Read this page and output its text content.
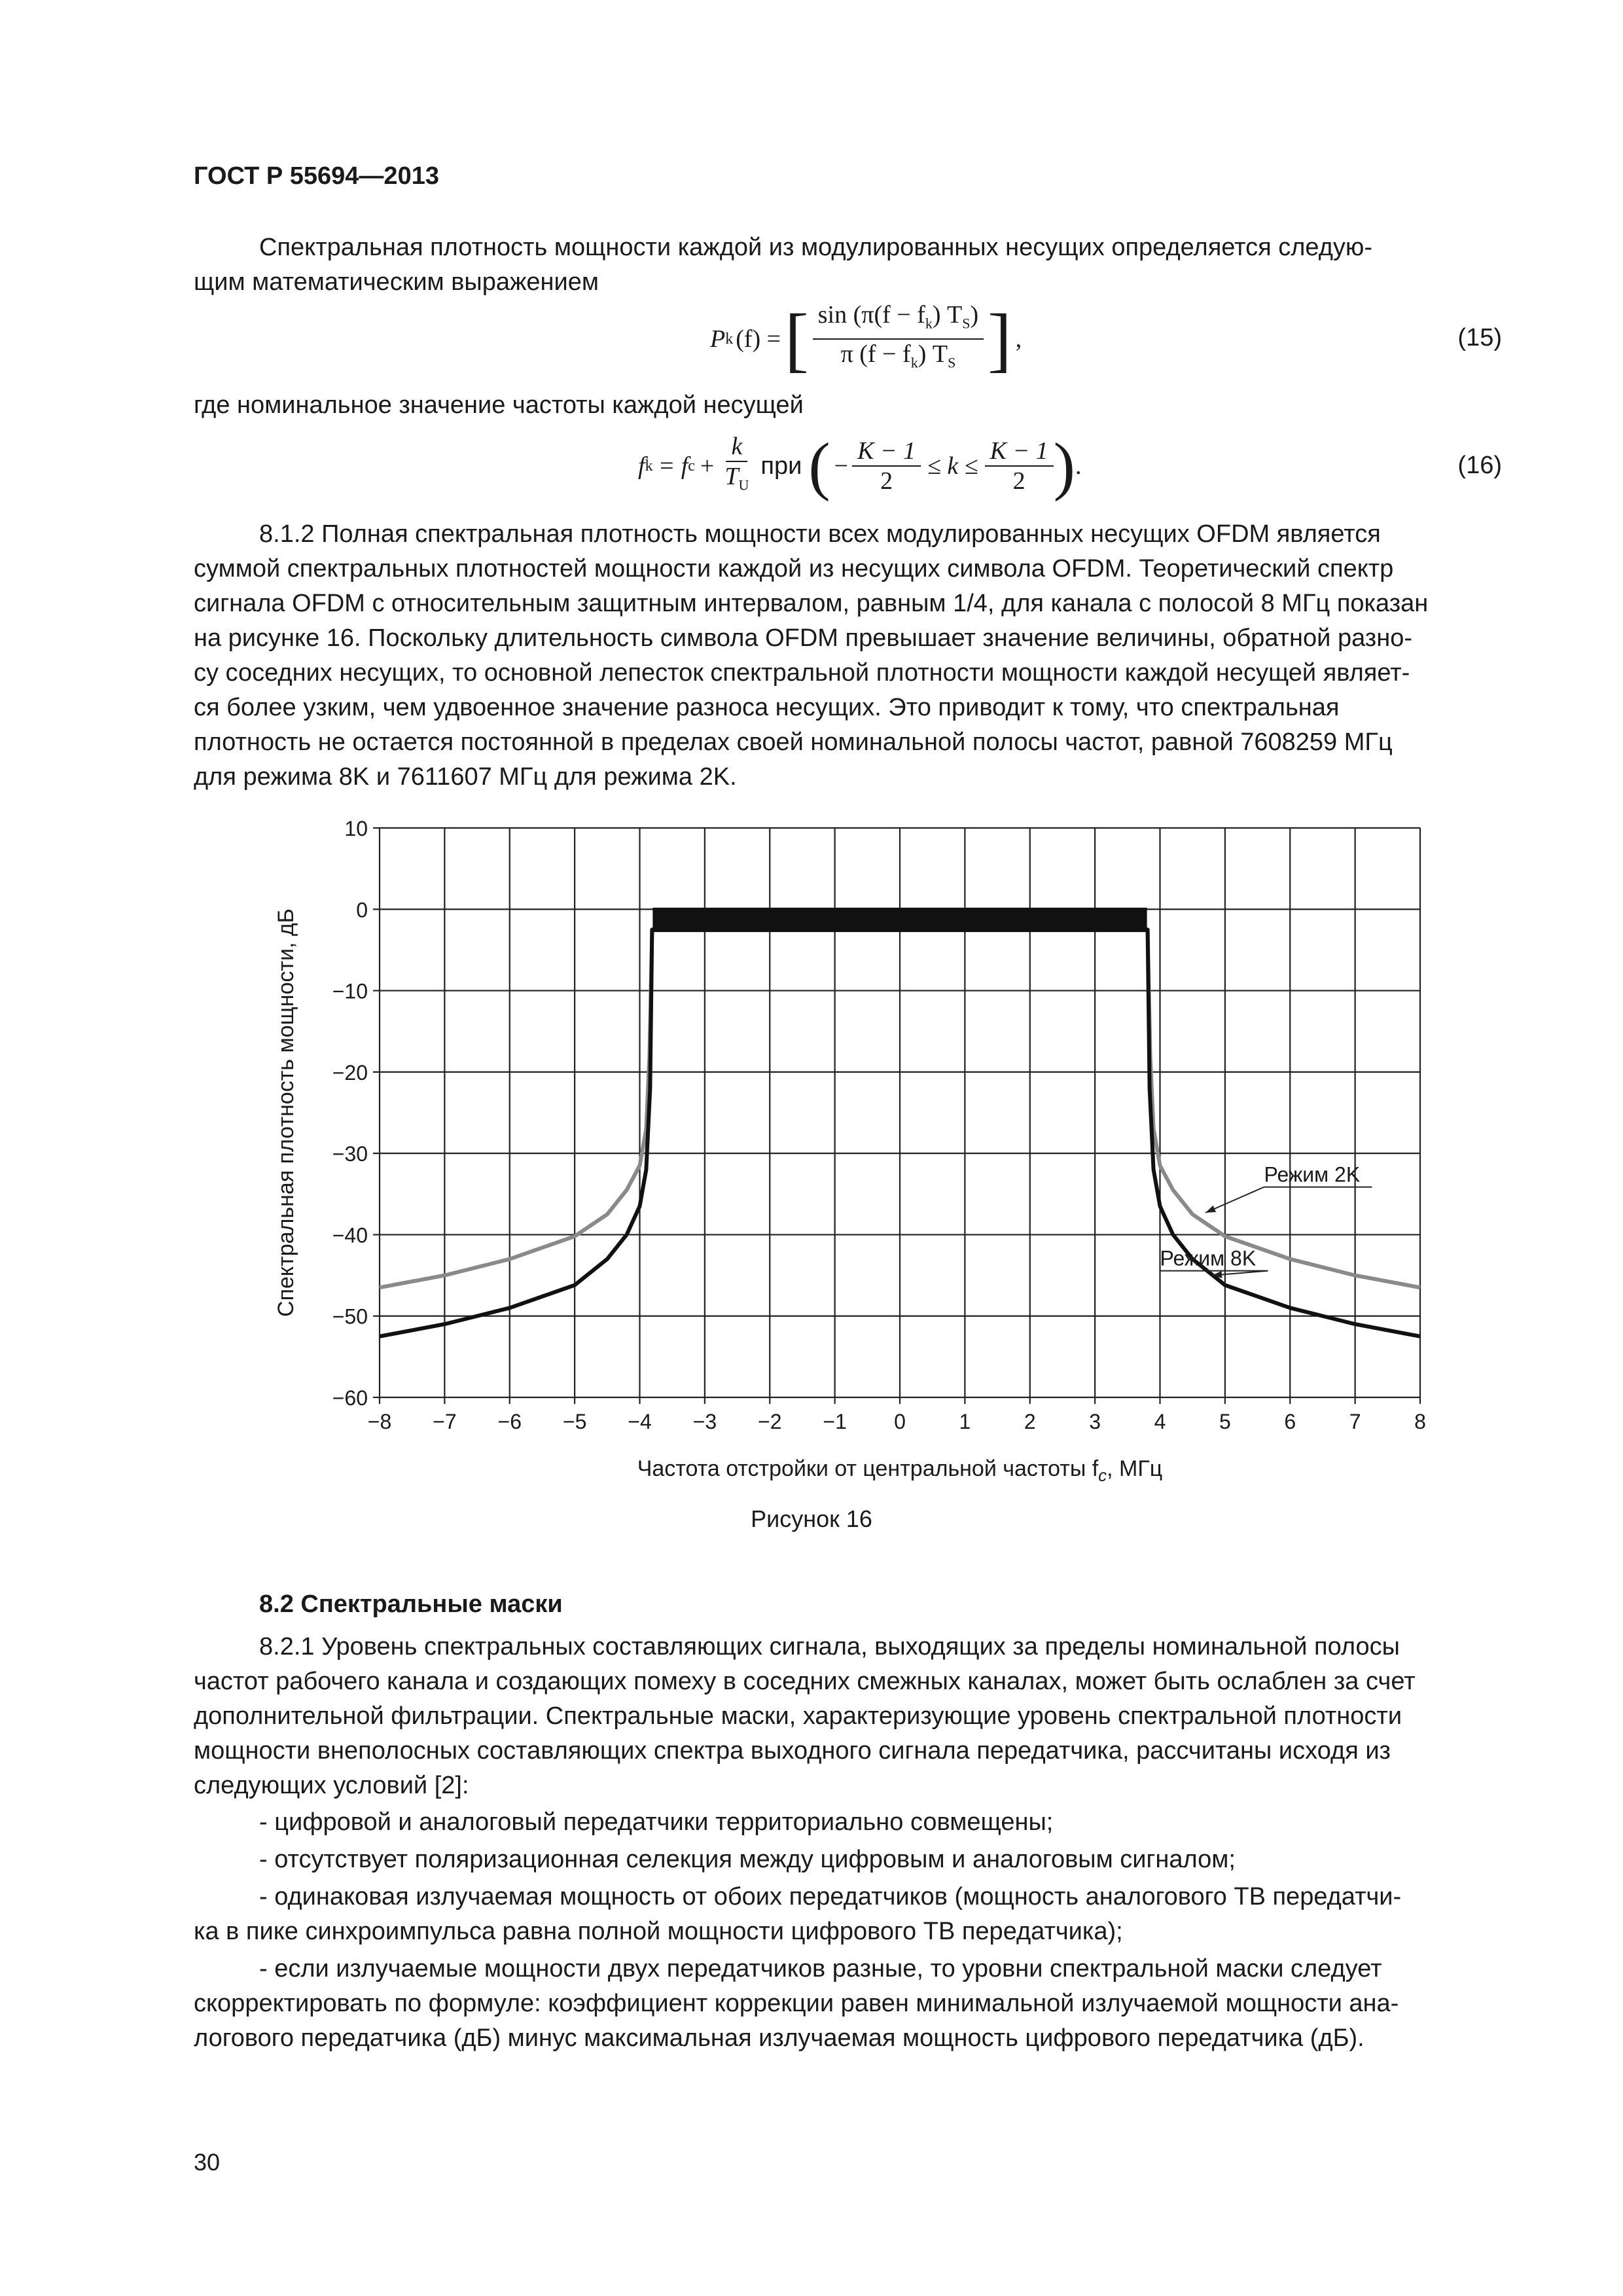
ГОСТ Р 55694—2013
Спектральная плотность мощности каждой из модулированных несущих определяется следую-
щим математическим выражением
P k (f) = [ $\frac{\sin (\pi(f - f_k) T_S)}{\pi (f - f_k) T_S}$ ] ,	(15)
где номинальное значение частоты каждой несущей
f k = f $c + \frac{k}{T_U}$ при ( − $\frac{K - 1}{2} \le k \le \frac{K - 1}{2}$ ) .	(16)
8.1.2 Полная спектральная плотность мощности всех модулированных несущих OFDM является
суммой спектральных плотностей мощности каждой из несущих символа OFDM. Теоретический спектр
сигнала OFDM с относительным защитным интервалом, равным 1/4, для канала с полосой 8 МГц показан
на рисунке 16. Поскольку длительность символа OFDM превышает значение величины, обратной разно-
су соседних несущих, то основной лепесток спектральной плотности мощности каждой несущей являет-
ся более узким, чем удвоенное значение разноса несущих. Это приводит к тому, что спектральная
плотность не остается постоянной в пределах своей номинальной полосы частот, равной 7608259 МГц
для режима 8K и 7611607 МГц для режима 2K.
10
0
−10
−20
−30
−40
−50
−60
−8 −7 −6 −5 −4 −3 −2 −1 0	1	2	3	4	5	6	7	8
Режим 2K
Режим 8K
Спектральная плотность мощности, дБ
Частота отстройки от центральной частоты $f_c$, МГц
Рисунок 16
8.2 Спектральные маски
8.2.1 Уровень спектральных составляющих сигнала, выходящих за пределы номинальной полосы
частот рабочего канала и создающих помеху в соседних смежных каналах, может быть ослаблен за счет
дополнительной фильтрации. Спектральные маски, характеризующие уровень спектральной плотности
мощности внеполосных составляющих спектра выходного сигнала передатчика, рассчитаны исходя из
следующих условий [2]:
- цифровой и аналоговый передатчики территориально совмещены;
- отсутствует поляризационная селекция между цифровым и аналоговым сигналом;
- одинаковая излучаемая мощность от обоих передатчиков (мощность аналогового ТВ передатчи-
ка в пике синхроимпульса равна полной мощности цифрового ТВ передатчика);
- если излучаемые мощности двух передатчиков разные, то уровни спектральной маски следует
скорректировать по формуле: коэффициент коррекции равен минимальной излучаемой мощности ана-
логового передатчика (дБ) минус максимальная излучаемая мощность цифрового передатчика (дБ).
30
